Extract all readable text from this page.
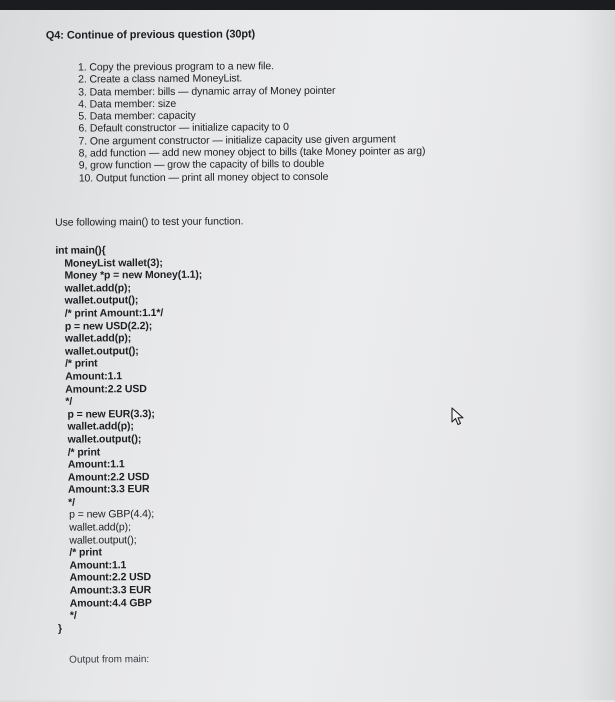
Q4: Continue of previous question (30pt)
1. Copy the previous program to a new file.
2. Create a class named MoneyList.
3. Data member: bills — dynamic array of Money pointer
4. Data member: size
5. Data member: capacity
6. Default constructor — initialize capacity to 0
7. One argument constructor — initialize capacity use given argument
8, add function — add new money object to bills (take Money pointer as arg)
9, grow function — grow the capacity of bills to double
10. Output function — print all money object to console
Use following main() to test your function.
int main(){
MoneyList wallet(3);
Money *p = new Money(1.1);
wallet.add(p);
wallet.output();
/* print Amount:1.1*/
p = new USD(2.2);
wallet.add(p);
wallet.output();
/* print
Amount:1.1
Amount:2.2 USD
*/
p = new EUR(3.3);
wallet.add(p);
wallet.output();
/* print
Amount:1.1
Amount:2.2 USD
Amount:3.3 EUR
*/
p = new GBP(4.4);
wallet.add(p);
wallet.output();
/* print
Amount:1.1
Amount:2.2 USD
Amount:3.3 EUR
Amount:4.4 GBP
*/
}
Output from main:
